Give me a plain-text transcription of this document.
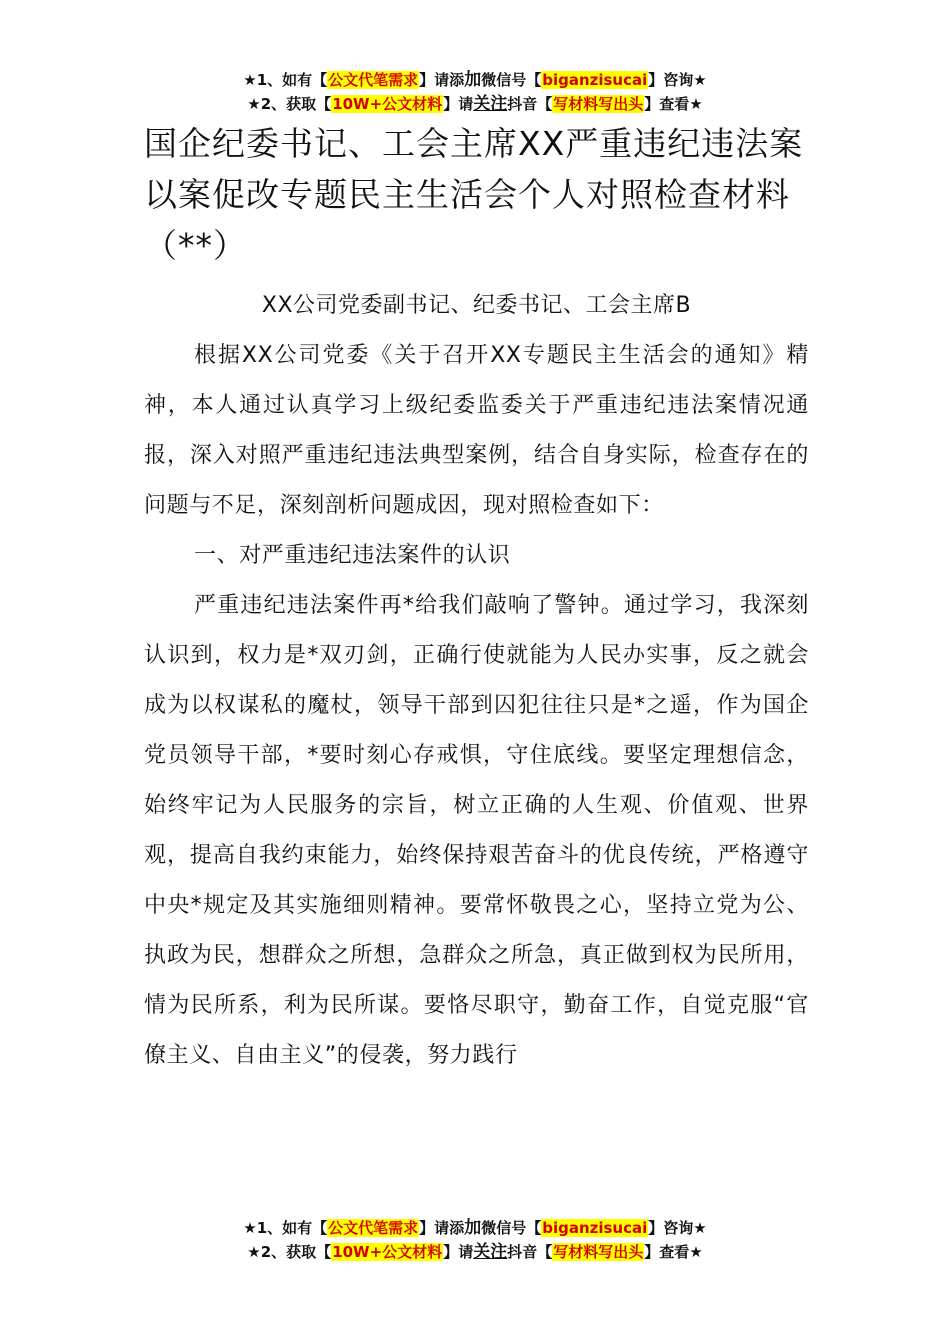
★1、如有【公文代笔需求】请添加微信号【biganzisucai】咨询★
★2、获取【10W+公文材料】请关注抖音【写材料写出头】查看★
国企纪委书记、工会主席XX严重违纪违法案以案促改专题民主生活会个人对照检查材料（**）

XX公司党委副书记、纪委书记、工会主席B

根据XX公司党委《关于召开XX专题民主生活会的通知》精神，本人通过认真学习上级纪委监委关于严重违纪违法案情况通报，深入对照严重违纪违法典型案例，结合自身实际，检查存在的问题与不足，深刻剖析问题成因，现对照检查如下：

一、对严重违纪违法案件的认识

严重违纪违法案件再*给我们敲响了警钟。通过学习，我深刻认识到，权力是*双刃剑，正确行使就能为人民办实事，反之就会成为以权谋私的魔杖，领导干部到囚犯往往只是*之遥，作为国企党员领导干部，*要时刻心存戒惧，守住底线。要坚定理想信念，始终牢记为人民服务的宗旨，树立正确的人生观、价值观、世界观，提高自我约束能力，始终保持艰苦奋斗的优良传统，严格遵守中央*规定及其实施细则精神。要常怀敬畏之心，坚持立党为公、执政为民，想群众之所想，急群众之所急，真正做到权为民所用，情为民所系，利为民所谋。要恪尽职守，勤奋工作，自觉克服“官僚主义、自由主义”的侵袭，努力践行

★1、如有【公文代笔需求】请添加微信号【biganzisucai】咨询★
★2、获取【10W+公文材料】请关注抖音【写材料写出头】查看★
